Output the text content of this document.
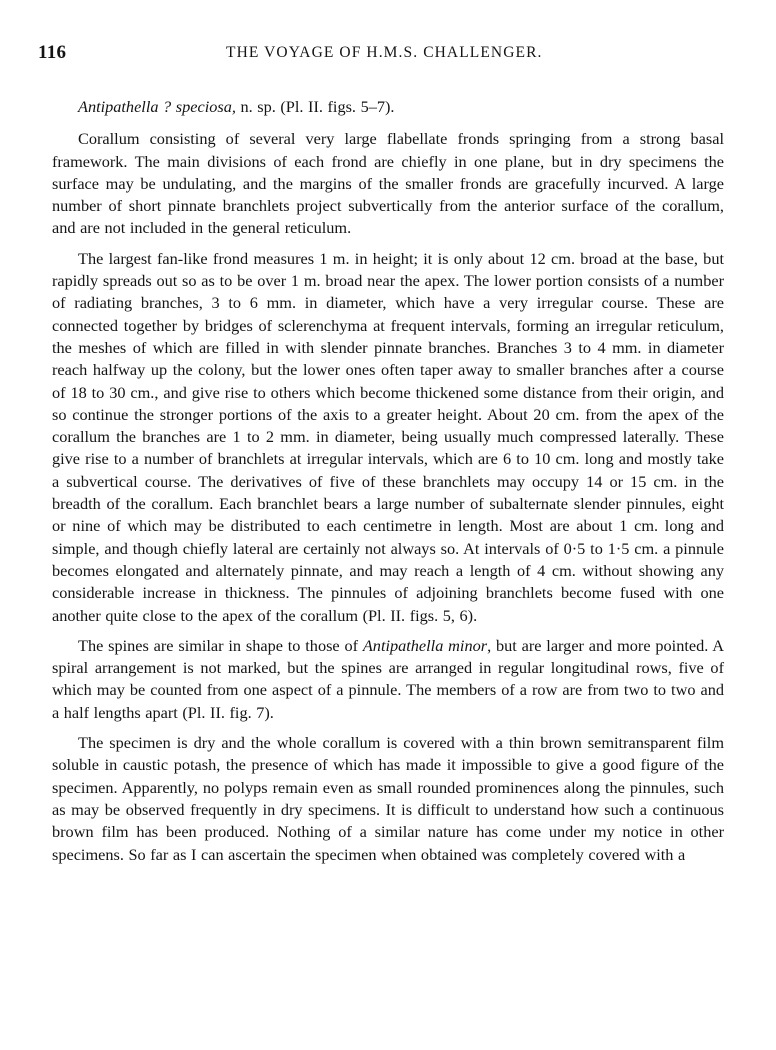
116	THE VOYAGE OF H.M.S. CHALLENGER.

Antipathella ? speciosa, n. sp. (Pl. II. figs. 5–7).

Corallum consisting of several very large flabellate fronds springing from a strong basal framework. The main divisions of each frond are chiefly in one plane, but in dry specimens the surface may be undulating, and the margins of the smaller fronds are gracefully incurved. A large number of short pinnate branchlets project subvertically from the anterior surface of the corallum, and are not included in the general reticulum.

The largest fan-like frond measures 1 m. in height; it is only about 12 cm. broad at the base, but rapidly spreads out so as to be over 1 m. broad near the apex. The lower portion consists of a number of radiating branches, 3 to 6 mm. in diameter, which have a very irregular course. These are connected together by bridges of sclerenchyma at frequent intervals, forming an irregular reticulum, the meshes of which are filled in with slender pinnate branches. Branches 3 to 4 mm. in diameter reach halfway up the colony, but the lower ones often taper away to smaller branches after a course of 18 to 30 cm., and give rise to others which become thickened some distance from their origin, and so continue the stronger portions of the axis to a greater height. About 20 cm. from the apex of the corallum the branches are 1 to 2 mm. in diameter, being usually much compressed laterally. These give rise to a number of branchlets at irregular intervals, which are 6 to 10 cm. long and mostly take a subvertical course. The derivatives of five of these branchlets may occupy 14 or 15 cm. in the breadth of the corallum. Each branchlet bears a large number of subalternate slender pinnules, eight or nine of which may be distributed to each centimetre in length. Most are about 1 cm. long and simple, and though chiefly lateral are certainly not always so. At intervals of 0·5 to 1·5 cm. a pinnule becomes elongated and alternately pinnate, and may reach a length of 4 cm. without showing any considerable increase in thickness. The pinnules of adjoining branchlets become fused with one another quite close to the apex of the corallum (Pl. II. figs. 5, 6).

The spines are similar in shape to those of Antipathella minor, but are larger and more pointed. A spiral arrangement is not marked, but the spines are arranged in regular longitudinal rows, five of which may be counted from one aspect of a pinnule. The members of a row are from two to two and a half lengths apart (Pl. II. fig. 7).

The specimen is dry and the whole corallum is covered with a thin brown semitransparent film soluble in caustic potash, the presence of which has made it impossible to give a good figure of the specimen. Apparently, no polyps remain even as small rounded prominences along the pinnules, such as may be observed frequently in dry specimens. It is difficult to understand how such a continuous brown film has been produced. Nothing of a similar nature has come under my notice in other specimens. So far as I can ascertain the specimen when obtained was completely covered with a
